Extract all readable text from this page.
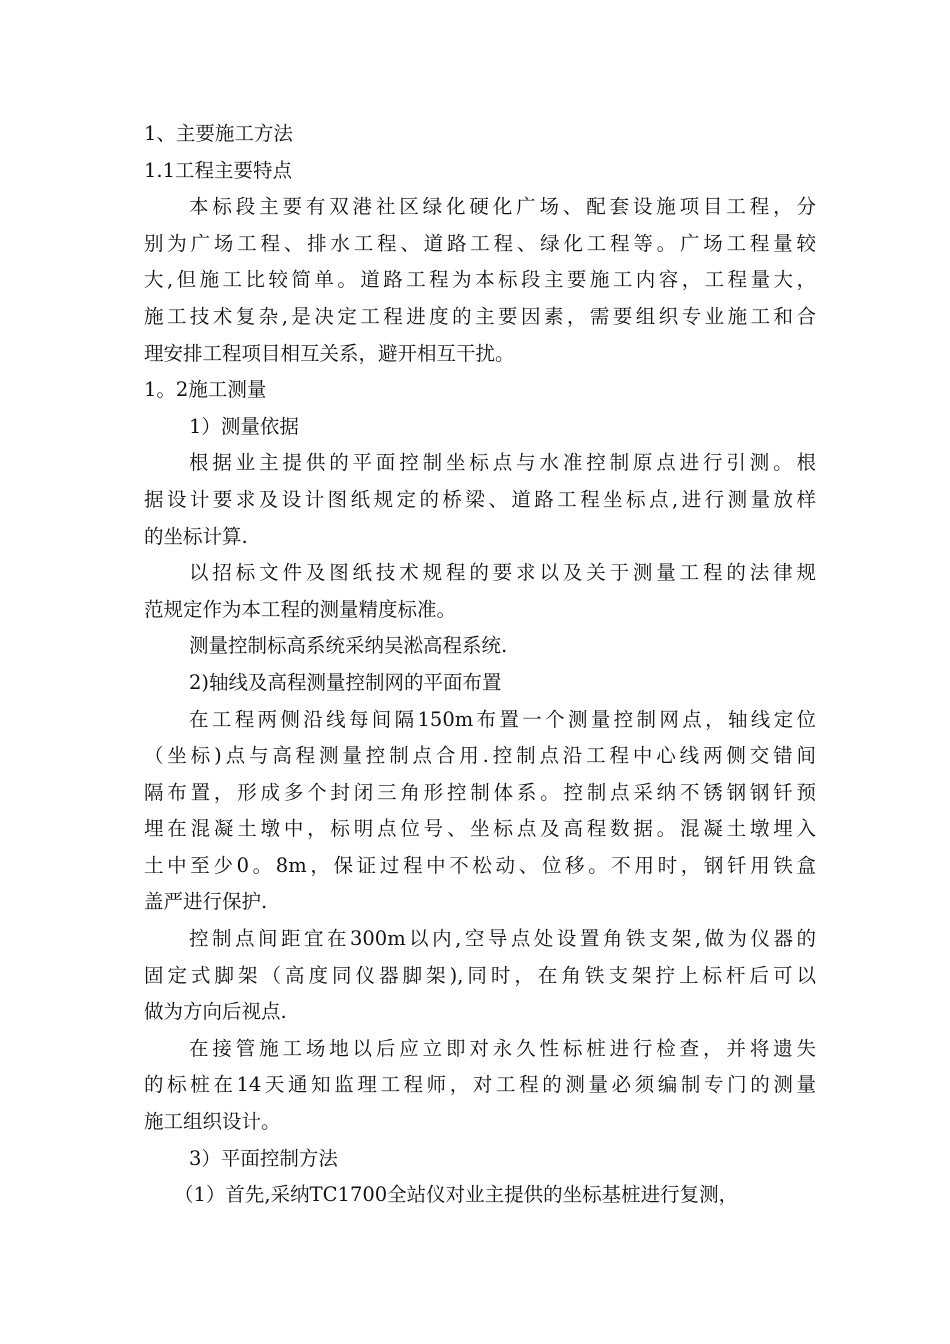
1、主要施工方法
1.1工程主要特点
本标段主要有双港社区绿化硬化广场、配套设施项目工程，分
别为广场工程、排水工程、道路工程、绿化工程等。广场工程量较
大,但施工比较简单。道路工程为本标段主要施工内容，工程量大，
施工技术复杂,是决定工程进度的主要因素，需要组织专业施工和合
理安排工程项目相互关系，避开相互干扰。
1。2施工测量
1）测量依据
根据业主提供的平面控制坐标点与水准控制原点进行引测。根
据设计要求及设计图纸规定的桥梁、道路工程坐标点,进行测量放样
的坐标计算.
以招标文件及图纸技术规程的要求以及关于测量工程的法律规
范规定作为本工程的测量精度标准。
测量控制标高系统采纳吴淞高程系统.
2)轴线及高程测量控制网的平面布置
在工程两侧沿线每间隔150m布置一个测量控制网点，轴线定位
（坐标)点与高程测量控制点合用.控制点沿工程中心线两侧交错间
隔布置，形成多个封闭三角形控制体系。控制点采纳不锈钢钢钎预
埋在混凝土墩中，标明点位号、坐标点及高程数据。混凝土墩埋入
土中至少0。8m，保证过程中不松动、位移。不用时，钢钎用铁盒
盖严进行保护.
控制点间距宜在300m以内,空导点处设置角铁支架,做为仪器的
固定式脚架（高度同仪器脚架),同时，在角铁支架拧上标杆后可以
做为方向后视点.
在接管施工场地以后应立即对永久性标桩进行检查，并将遗失
的标桩在14天通知监理工程师，对工程的测量必须编制专门的测量
施工组织设计。
3）平面控制方法
（1）首先,采纳TC1700全站仪对业主提供的坐标基桩进行复测，
